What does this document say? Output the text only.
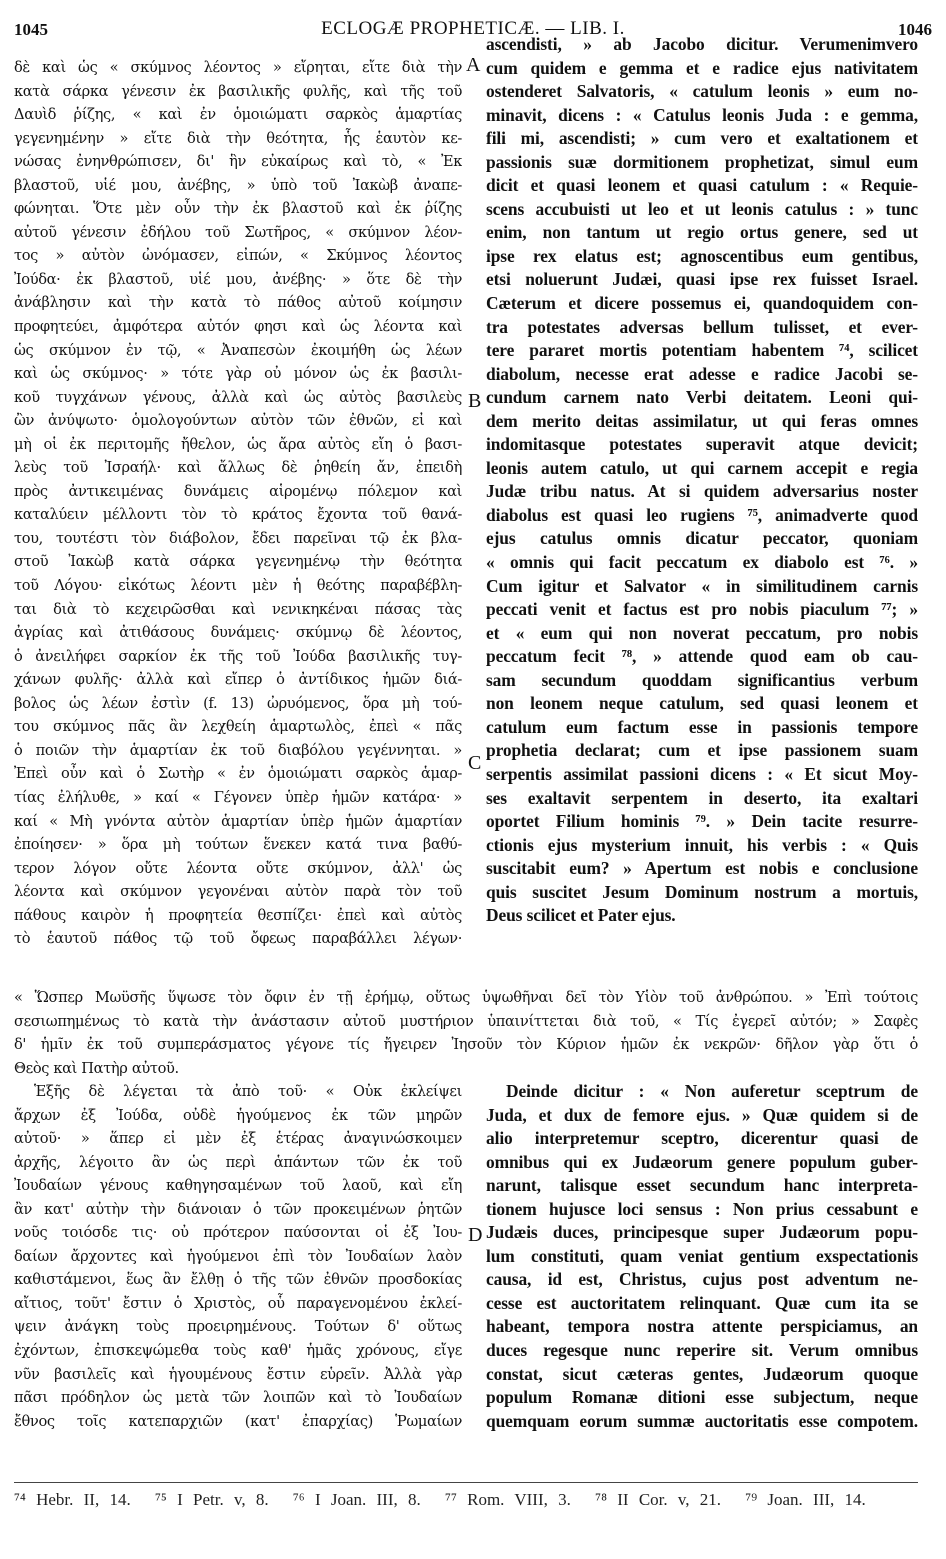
1045	ECLOGÆ PROPHETICÆ. — LIB. I.	1046
δὲ καὶ ὡς « σκύμνος λέοντος » εἴρηται, εἴτε διὰ τὴν
κατὰ σάρκα γένεσιν ἐκ βασιλικῆς φυλῆς, καὶ τῆς τοῦ
Δαυὶδ ῥίζης, « καὶ ἐν ὁμοιώματι σαρκὸς ἁμαρτίας
γεγενημένην » εἴτε διὰ τὴν θεότητα, ἧς ἑαυτὸν κε-
νώσας ἐνηνθρώπισεν, δι' ἣν εὐκαίρως καὶ τὸ, « Ἐκ
βλαστοῦ, υἱέ μου, ἀνέβης, » ὑπὸ τοῦ Ἰακὼβ ἀναπε-
φώνηται. Ὅτε μὲν οὖν τὴν ἐκ βλαστοῦ καὶ ἐκ ῥίζης
αὐτοῦ γένεσιν ἐδήλου τοῦ Σωτῆρος, « σκύμνον λέον-
τος » αὐτὸν ὠνόμασεν, εἰπών, « Σκύμνος λέοντος
Ἰούδα· ἐκ βλαστοῦ, υἱέ μου, ἀνέβης· » ὅτε δὲ τὴν
ἀνάβλησιν καὶ τὴν κατὰ τὸ πάθος αὐτοῦ κοίμησιν
προφητεύει, ἀμφότερα αὐτόν φησι καὶ ὡς λέοντα καὶ
ὡς σκύμνον ἐν τῷ, « Ἀναπεσὼν ἐκοιμήθη ὡς λέων
καὶ ὡς σκύμνος· » τότε γὰρ οὐ μόνον ὡς ἐκ βασιλι-
κοῦ τυγχάνων γένους, ἀλλὰ καὶ ὡς αὐτὸς βασιλεὺς
ὢν ἀνύψωτο· ὁμολογούντων αὐτὸν τῶν ἐθνῶν, εἰ καὶ
μὴ οἱ ἐκ περιτομῆς ἤθελον, ὡς ἄρα αὐτὸς εἴη ὁ βασι-
λεὺς τοῦ Ἰσραήλ· καὶ ἄλλως δὲ ῥηθείη ἄν, ἐπειδὴ
πρὸς ἀντικειμένας δυνάμεις αἱρομένῳ πόλεμον καὶ
καταλύειν μέλλοντι τὸν τὸ κράτος ἔχοντα τοῦ θανά-
του, τουτέστι τὸν διάβολον, ἔδει παρεῖναι τῷ ἐκ βλα-
στοῦ Ἰακὼβ κατὰ σάρκα γεγενημένῳ τὴν θεότητα
τοῦ Λόγου· εἰκότως λέοντι μὲν ἡ θεότης παραβέβλη-
ται διὰ τὸ κεχειρῶσθαι καὶ νενικηκέναι πάσας τὰς
ἀγρίας καὶ ἀτιθάσους δυνάμεις· σκύμνῳ δὲ λέοντος,
ὁ ἀνειλήφει σαρκίον ἐκ τῆς τοῦ Ἰούδα βασιλικῆς τυγ-
χάνων φυλῆς· ἀλλὰ καὶ εἴπερ ὁ ἀντίδικος ἡμῶν διά-
βολος ὡς λέων ἐστὶν (f. 13) ὠρυόμενος, ὅρα μὴ τού-
του σκύμνος πᾶς ἂν λεχθείη ἁμαρτωλὸς, ἐπεὶ « πᾶς
ὁ ποιῶν τὴν ἁμαρτίαν ἐκ τοῦ διαβόλου γεγέννηται. »
Ἐπεὶ οὖν καὶ ὁ Σωτὴρ « ἐν ὁμοιώματι σαρκὸς ἁμαρ-
τίας ἐλήλυθε, » καί « Γέγονεν ὑπὲρ ἡμῶν κατάρα· »
καί « Μὴ γνόντα αὐτὸν ἁμαρτίαν ὑπὲρ ἡμῶν ἁμαρτίαν
ἐποίησεν· » ὅρα μὴ τούτων ἕνεκεν κατά τινα βαθύ-
τερον λόγον οὔτε λέοντα οὔτε σκύμνον, ἀλλ' ὡς
λέοντα καὶ σκύμνον γεγονέναι αὐτὸν παρὰ τὸν τοῦ
πάθους καιρὸν ἡ προφητεία θεσπίζει· ἐπεὶ καὶ αὐτὸς
τὸ ἑαυτοῦ πάθος τῷ τοῦ ὄφεως παραβάλλει λέγων·
ascendisti, » ab Jacobo dicitur. Verumenimvero
cum quidem e gemma et e radice ejus nativitatem
ostenderet Salvatoris, « catulum leonis » eum no-
minavit, dicens : « Catulus leonis Juda : e gemma,
fili mi, ascendisti; » cum vero et exaltationem et
passionis suæ dormitionem prophetizat, simul eum
dicit et quasi leonem et quasi catulum : « Requie-
scens accubuisti ut leo et ut leonis catulus : » tunc
enim, non tantum ut regio ortus genere, sed ut
ipse rex elatus est; agnoscentibus eum gentibus,
etsi noluerunt Judæi, quasi ipse rex fuisset Israel.
Cæterum et dicere possemus ei, quandoquidem con-
tra potestates adversas bellum tulisset, et ever-
tere pararet mortis potentiam habentem ⁷⁴, scilicet
diabolum, necesse erat adesse e radice Jacobi se-
cundum carnem nato Verbi deitatem. Leoni qui-
dem merito deitas assimilatur, ut qui feras omnes
indomitasque potestates superavit atque devicit;
leonis autem catulo, ut qui carnem accepit e regia
Judæ tribu natus. At si quidem adversarius noster
diabolus est quasi leo rugiens ⁷⁵, animadverte quod
ejus catulus omnis dicatur peccator, quoniam
« omnis qui facit peccatum ex diabolo est ⁷⁶. »
Cum igitur et Salvator « in similitudinem carnis
peccati venit et factus est pro nobis piaculum ⁷⁷; »
et « eum qui non noverat peccatum, pro nobis
peccatum fecit ⁷⁸, » attende quod eam ob cau-
sam secundum quoddam significantius verbum
non leonem neque catulum, sed quasi leonem et
catulum eum factum esse in passionis tempore
prophetia declarat; cum et ipse passionem suam
serpentis assimilat passioni dicens : « Et sicut Moy-
ses exaltavit serpentem in deserto, ita exaltari
oportet Filium hominis ⁷⁹. » Dein tacite resurre-
ctionis ejus mysterium innuit, his verbis : « Quis
suscitabit eum? » Apertum est nobis e conclusione
quis suscitet Jesum Dominum nostrum a mortuis,
Deus scilicet et Pater ejus.
« Ὥσπερ Μωϋσῆς ὕψωσε τὸν ὄφιν ἐν τῇ ἐρήμῳ, οὕτως ὑψωθῆναι δεῖ τὸν Υἱὸν τοῦ ἀνθρώπου. » Ἐπὶ τούτοις
σεσιωπημένως τὸ κατὰ τὴν ἀνάστασιν αὐτοῦ μυστήριον ὑπαινίττεται διὰ τοῦ, « Τίς ἐγερεῖ αὐτόν; » Σαφὲς
δ' ἡμῖν ἐκ τοῦ συμπεράσματος γέγονε τίς ἤγειρεν Ἰησοῦν τὸν Κύριον ἡμῶν ἐκ νεκρῶν· δῆλον γὰρ ὅτι ὁ
Θεὸς καὶ Πατὴρ αὐτοῦ.
Ἑξῆς δὲ λέγεται τὰ ἀπὸ τοῦ· « Οὐκ ἐκλείψει
ἄρχων ἐξ Ἰούδα, οὐδὲ ἡγούμενος ἐκ τῶν μηρῶν
αὐτοῦ· » ἅπερ εἰ μὲν ἐξ ἑτέρας ἀναγινώσκοιμεν
ἀρχῆς, λέγοιτο ἂν ὡς περὶ ἁπάντων τῶν ἐκ τοῦ
Ἰουδαίων γένους καθηγησαμένων τοῦ λαοῦ, καὶ εἴη
ἂν κατ' αὐτὴν τὴν διάνοιαν ὁ τῶν προκειμένων ῥητῶν
νοῦς τοιόσδε τις· οὐ πρότερον παύσονται οἱ ἐξ Ἰου-
δαίων ἄρχοντες καὶ ἡγούμενοι ἐπὶ τὸν Ἰουδαίων λαὸν
καθιστάμενοι, ἕως ἂν ἔλθῃ ὁ τῆς τῶν ἐθνῶν προσδοκίας
αἴτιος, τοῦτ' ἔστιν ὁ Χριστὸς, οὗ παραγενομένου ἐκλεί-
ψειν ἀνάγκη τοὺς προειρημένους. Τούτων δ' οὕτως
ἐχόντων, ἐπισκεψώμεθα τοὺς καθ' ἡμᾶς χρόνους, εἴγε
νῦν βασιλεῖς καὶ ἡγουμένους ἔστιν εὑρεῖν. Ἀλλὰ γὰρ
πᾶσι πρόδηλον ὡς μετὰ τῶν λοιπῶν καὶ τὸ Ἰουδαίων
ἔθνος τοῖς κατεπαρχιῶν (κατ' ἐπαρχίας) Ῥωμαίων
Deinde dicitur : « Non auferetur sceptrum de
Juda, et dux de femore ejus. » Quæ quidem si de
alio interpretemur sceptro, dicerentur quasi de
omnibus qui ex Judæorum genere populum guber-
narunt, talisque esset secundum hanc interpreta-
tionem hujusce loci sensus : Non prius cessabunt e
Judæis duces, principesque super Judæorum popu-
lum constituti, quam veniat gentium exspectationis
causa, id est, Christus, cujus post adventum ne-
cesse est auctoritatem relinquant. Quæ cum ita se
habeant, tempora nostra attente perspiciamus, an
duces regesque nunc reperire sit. Verum omnibus
constat, sicut cæteras gentes, Judæorum quoque
populum Romanæ ditioni esse subjectum, neque
quemquam eorum summæ auctoritatis esse compotem.
A
B
C
D
⁷⁴ Hebr. II, 14. ⁷⁵ I Petr. v, 8. ⁷⁶ I Joan. III, 8. ⁷⁷ Rom. VIII, 3. ⁷⁸ II Cor. v, 21. ⁷⁹ Joan. III, 14.
